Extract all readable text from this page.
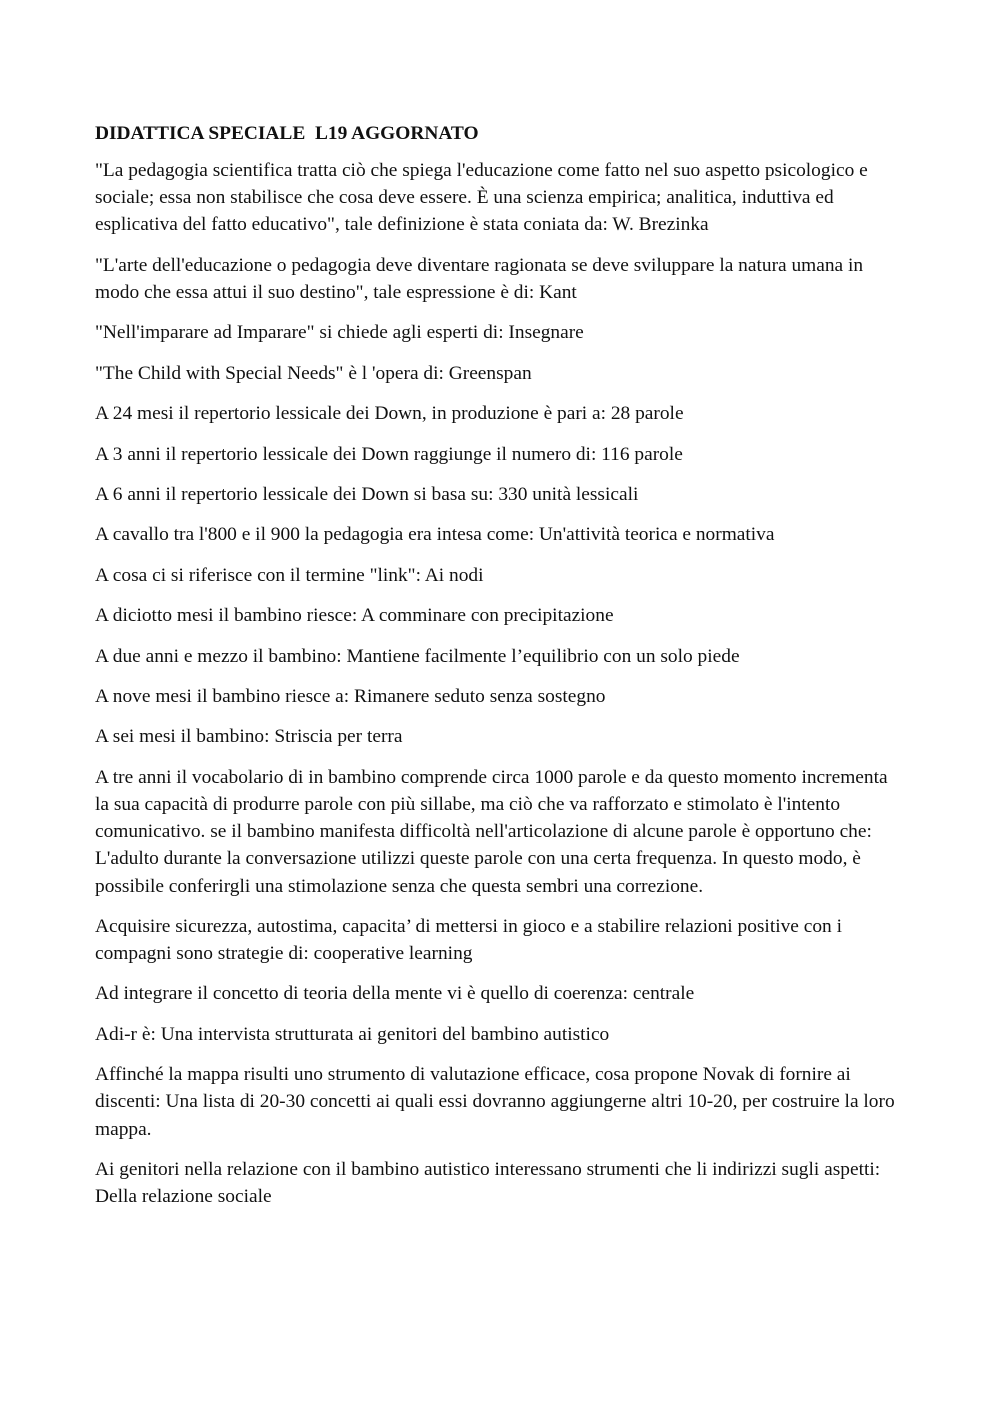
DIDATTICA SPECIALE  L19 AGGORNATO

"La pedagogia scientifica tratta ciò che spiega l'educazione come fatto nel suo aspetto psicologico e sociale; essa non stabilisce che cosa deve essere. È una scienza empirica; analitica, induttiva ed esplicativa del fatto educativo", tale definizione è stata coniata da: W. Brezinka

"L'arte dell'educazione o pedagogia deve diventare ragionata se deve sviluppare la natura umana in modo che essa attui il suo destino", tale espressione è di: Kant

"Nell'imparare ad Imparare" si chiede agli esperti di: Insegnare

"The Child with Special Needs" è l 'opera di: Greenspan

A 24 mesi il repertorio lessicale dei Down, in produzione è pari a: 28 parole

A 3 anni il repertorio lessicale dei Down raggiunge il numero di: 116 parole

A 6 anni il repertorio lessicale dei Down si basa su: 330 unità lessicali

A cavallo tra l'800 e il 900 la pedagogia era intesa come: Un'attività teorica e normativa

A cosa ci si riferisce con il termine "link": Ai nodi

A diciotto mesi il bambino riesce: A comminare con precipitazione

A due anni e mezzo il bambino: Mantiene facilmente l’equilibrio con un solo piede

A nove mesi il bambino riesce a: Rimanere seduto senza sostegno

A sei mesi il bambino: Striscia per terra

A tre anni il vocabolario di in bambino comprende circa 1000 parole e da questo momento incrementa la sua capacità di produrre parole con più sillabe, ma ciò che va rafforzato e stimolato è l'intento comunicativo. se il bambino manifesta difficoltà nell'articolazione di alcune parole è opportuno che: L'adulto durante la conversazione utilizzi queste parole con una certa frequenza. In questo modo, è possibile conferirgli una stimolazione senza che questa sembri una correzione.

Acquisire sicurezza, autostima, capacita’ di mettersi in gioco e a stabilire relazioni positive con i compagni sono strategie di: cooperative learning

Ad integrare il concetto di teoria della mente vi è quello di coerenza: centrale

Adi-r è: Una intervista strutturata ai genitori del bambino autistico

Affinché la mappa risulti uno strumento di valutazione efficace, cosa propone Novak di fornire ai discenti: Una lista di 20-30 concetti ai quali essi dovranno aggiungerne altri 10-20, per costruire la loro mappa.

Ai genitori nella relazione con il bambino autistico interessano strumenti che li indirizzi sugli aspetti: Della relazione sociale
